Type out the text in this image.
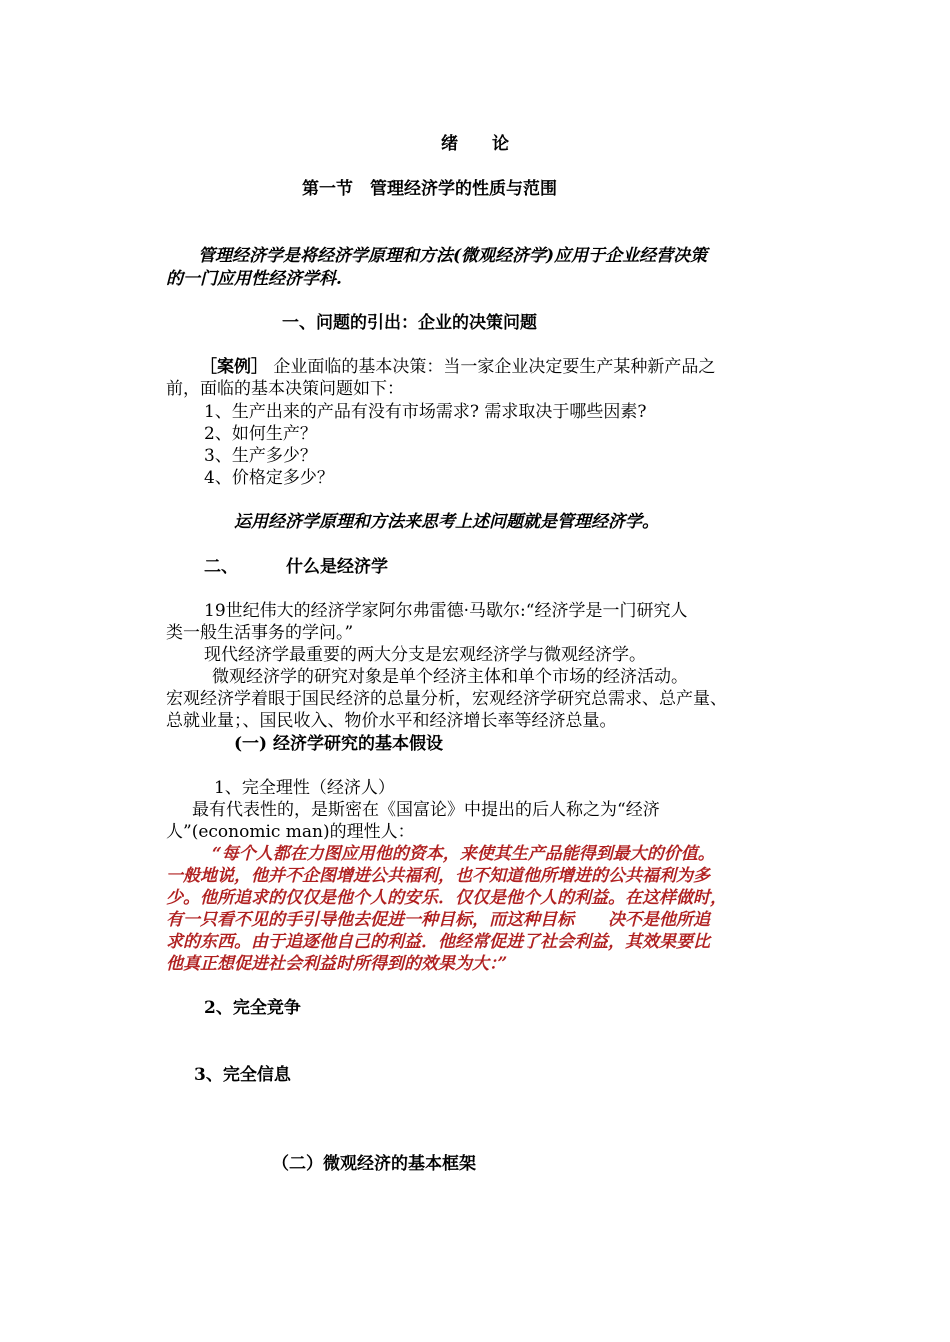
绪　　论

第一节　管理经济学的性质与范围

管理经济学是将经济学原理和方法(微观经济学)应用于企业经营决策

的一门应用性经济学科.

一、问题的引出：企业的决策问题

［案例］ 企业面临的基本决策：当一家企业决定要生产某种新产品之

前，面临的基本决策问题如下：

1、生产出来的产品有没有市场需求? 需求取决于哪些因素?

2、如何生产？

3、生产多少？

4、价格定多少？

运用经济学原理和方法来思考上述问题就是管理经济学。

二、	什么是经济学

19世纪伟大的经济学家阿尔弗雷德·马歇尔:“经济学是一门研究人

类一般生活事务的学问。”

现代经济学最重要的两大分支是宏观经济学与微观经济学。

微观经济学的研究对象是单个经济主体和单个市场的经济活动。

宏观经济学着眼于国民经济的总量分析，宏观经济学研究总需求、总产量、

总就业量；、国民收入、物价水平和经济增长率等经济总量。

(一) 经济学研究的基本假设

1、完全理性（经济人）

最有代表性的，是斯密在《国富论》中提出的后人称之为“经济

人”(economic man)的理性人：

“每个人都在力图应用他的资本，来使其生产品能得到最大的价值。

一般地说，他并不企图增进公共福利，也不知道他所增进的公共福利为多

少。他所追求的仅仅是他个人的安乐．仅仅是他个人的利益。在这样做时，

有一只看不见的手引导他去促进一种目标，而这种目标　　决不是他所追

求的东西。由于追逐他自己的利益．他经常促进了社会利益，其效果要比

他真正想促进社会利益时所得到的效果为大：”

2、完全竞争

3、完全信息

（二）微观经济的基本框架
